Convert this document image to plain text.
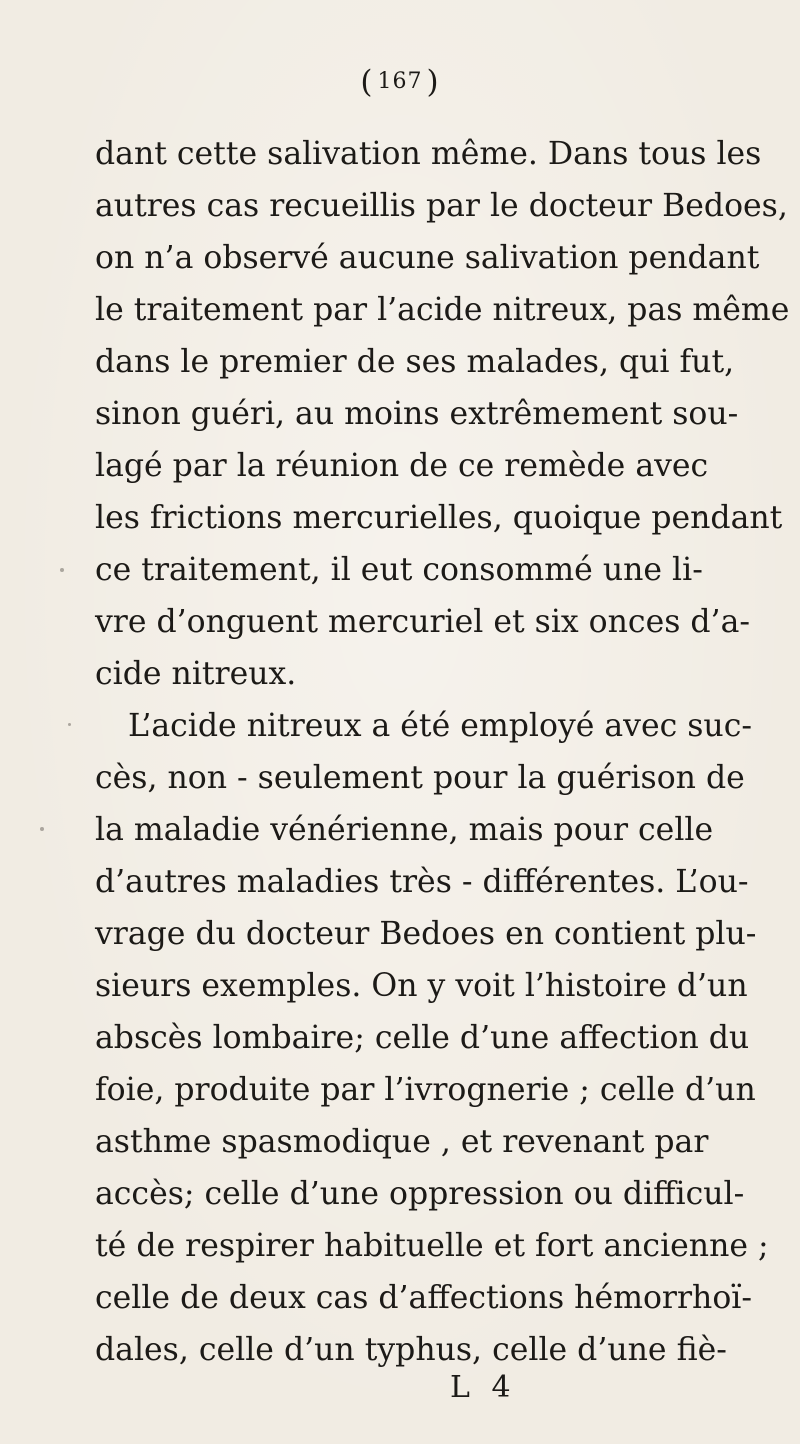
( 167 )
dant cette salivation même. Dans tous les
autres cas recueillis par le docteur Bedoes,
on n’a observé aucune salivation pendant
le traitement par l’acide nitreux, pas même
dans le premier de ses malades, qui fut,
sinon guéri, au moins extrêmement sou-
lagé par la réunion de ce remède avec
les frictions mercurielles, quoique pendant
ce traitement, il eut consommé une li-
vre d’onguent mercuriel et six onces d’a-
cide nitreux.
L’acide nitreux a été employé avec suc-
cès, non - seulement pour la guérison de
la maladie vénérienne, mais pour celle
d’autres maladies très - différentes. L’ou-
vrage du docteur Bedoes en contient plu-
sieurs exemples. On y voit l’histoire d’un
abscès lombaire; celle d’une affection du
foie, produite par l’ivrognerie ; celle d’un
asthme spasmodique , et revenant par
accès; celle d’une oppression ou difficul-
té de respirer habituelle et fort ancienne ;
celle de deux cas d’affections hémorrhoï-
dales, celle d’un typhus, celle d’une fiè-
L 4
